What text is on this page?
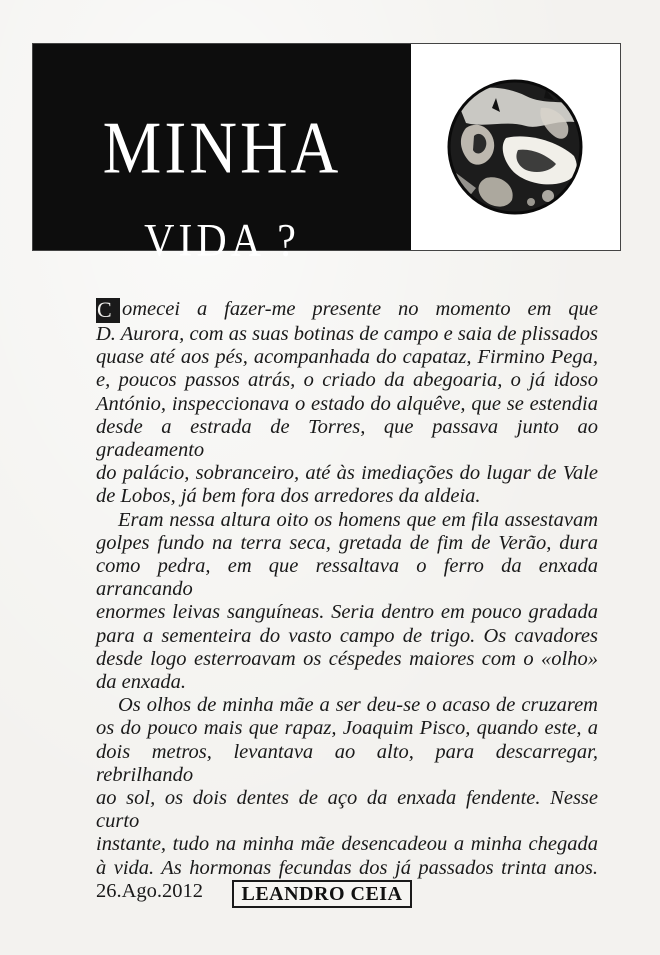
MINHA
VIDA ?

C omecei a fazer-me presente no momento em que
D. Aurora, com as suas botinas de campo e saia de plissados
quase até aos pés, acompanhada do capataz, Firmino Pega,
e, poucos passos atrás, o criado da abegoaria, o já idoso
António, inspeccionava o estado do alquêve, que se estendia
desde a estrada de Torres, que passava junto ao gradeamento
do palácio, sobranceiro, até às imediações do lugar de Vale
de Lobos, já bem fora dos arredores da aldeia.

Eram nessa altura oito os homens que em fila assestavam
golpes fundo na terra seca, gretada de fim de Verão, dura
como pedra, em que ressaltava o ferro da enxada arrancando
enormes leivas sanguíneas. Seria dentro em pouco gradada
para a sementeira do vasto campo de trigo. Os cavadores
desde logo esterroavam os céspedes maiores com o «olho»
da enxada.

Os olhos de minha mãe a ser deu-se o acaso de cruzarem
os do pouco mais que rapaz, Joaquim Pisco, quando este, a
dois metros, levantava ao alto, para descarregar, rebrilhando
ao sol, os dois dentes de aço da enxada fendente. Nesse curto
instante, tudo na minha mãe desencadeou a minha chegada
à vida. As hormonas fecundas dos já passados trinta anos.

26.Ago.2012	LEANDRO CEIA
